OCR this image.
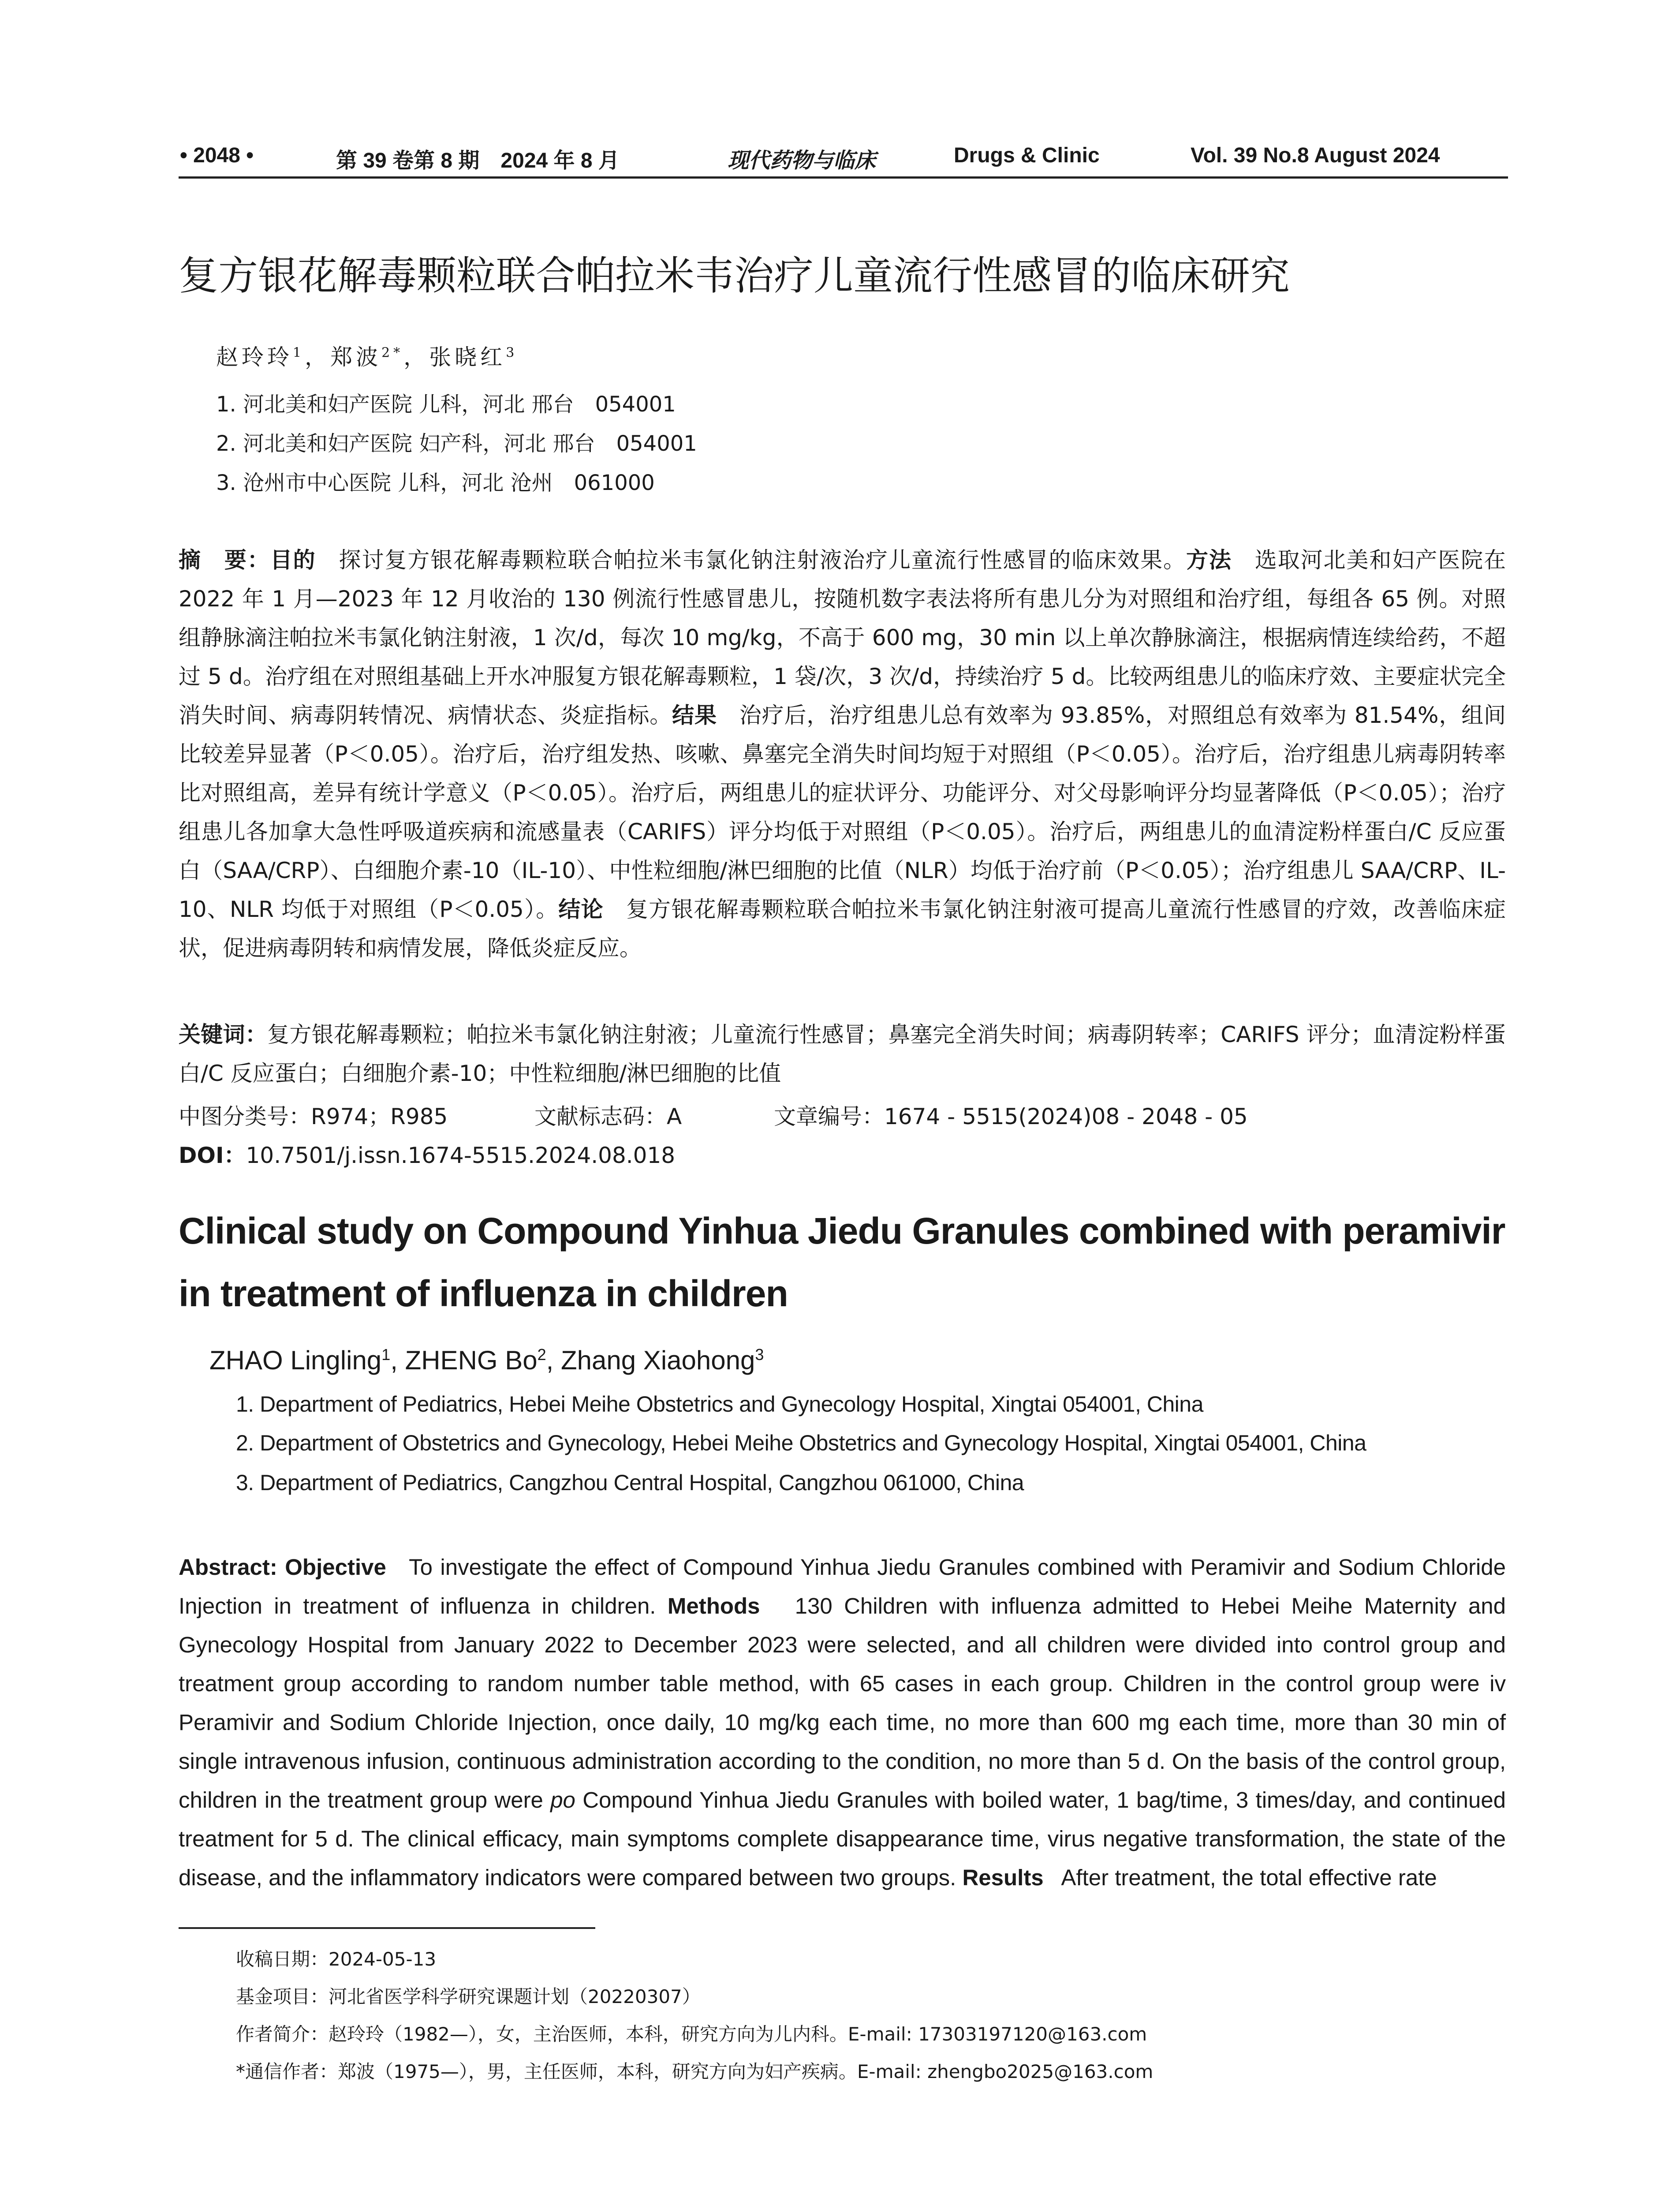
• 2048 •	第 39 卷第 8 期　2024 年 8 月	现代药物与临床	Drugs & Clinic	Vol. 39 No.8 August 2024
复方银花解毒颗粒联合帕拉米韦治疗儿童流行性感冒的临床研究
赵玲玲$^1$，郑波$^{2*}$，张晓红$^3$
1. 河北美和妇产医院 儿科，河北 邢台　054001
2. 河北美和妇产医院 妇产科，河北 邢台　054001
3. 沧州市中心医院 儿科，河北 沧州　061000
摘　要：目的　 探讨复方银花解毒颗粒联合帕拉米韦氯化钠注射液治疗儿童流行性感冒的临床效果。方法　 选取河北美和妇产医院在 2022 年 1 月—2023 年 12 月收治的 130 例流行性感冒患儿，按随机数字表法将所有患儿分为对照组和治疗组，每组各 65 例。对照组静脉滴注帕拉米韦氯化钠注射液，1 次/d，每次 10 mg/kg，不高于 600 mg，30 min 以上单次静脉滴注，根据病情连续给药，不超过 5 d。治疗组在对照组基础上开水冲服复方银花解毒颗粒，1 袋/次，3 次/d，持续治疗 5 d。比较两组患儿的临床疗效、主要症状完全消失时间、病毒阴转情况、病情状态、炎症指标。结果　 治疗后，治疗组患儿总有效率为 93.85%，对照组总有效率为 81.54%，组间比较差异显著（P＜0.05）。治疗后，治疗组发热、咳嗽、鼻塞完全消失时间均短于对照组（P＜0.05）。治疗后，治疗组患儿病毒阴转率比对照组高，差异有统计学意义（P＜0.05）。治疗后，两组患儿的症状评分、功能评分、对父母影响评分均显著降低（P＜0.05）；治疗组患儿各加拿大急性呼吸道疾病和流感量表（CARIFS）评分均低于对照组（P＜0.05）。治疗后，两组患儿的血清淀粉样蛋白/C 反应蛋白（SAA/CRP）、白细胞介素-10（IL-10）、中性粒细胞/淋巴细胞的比值（NLR）均低于治疗前（P＜0.05）；治疗组患儿 SAA/CRP、IL-10、NLR 均低于对照组（P＜0.05）。结论　 复方银花解毒颗粒联合帕拉米韦氯化钠注射液可提高儿童流行性感冒的疗效，改善临床症状，促进病毒阴转和病情发展，降低炎症反应。
关键词：复方银花解毒颗粒；帕拉米韦氯化钠注射液；儿童流行性感冒；鼻塞完全消失时间；病毒阴转率；CARIFS 评分；血清淀粉样蛋白/C 反应蛋白；白细胞介素-10；中性粒细胞/淋巴细胞的比值
中图分类号：R974；R985	文献标志码：A	文章编号：1674 - 5515(2024)08 - 2048 - 05
DOI：10.7501/j.issn.1674-5515.2024.08.018
Clinical study on Compound Yinhua Jiedu Granules combined with peramivir in treatment of influenza in children
ZHAO Lingling$^1$, ZHENG Bo$^2$, Zhang Xiaohong$^3$
1. Department of Pediatrics, Hebei Meihe Obstetrics and Gynecology Hospital, Xingtai 054001, China
2. Department of Obstetrics and Gynecology, Hebei Meihe Obstetrics and Gynecology Hospital, Xingtai 054001, China
3. Department of Pediatrics, Cangzhou Central Hospital, Cangzhou 061000, China
Abstract: Objective To investigate the effect of Compound Yinhua Jiedu Granules combined with Peramivir and Sodium Chloride Injection in treatment of influenza in children. Methods 130 Children with influenza admitted to Hebei Meihe Maternity and Gynecology Hospital from January 2022 to December 2023 were selected, and all children were divided into control group and treatment group according to random number table method, with 65 cases in each group. Children in the control group were iv Peramivir and Sodium Chloride Injection, once daily, 10 mg/kg each time, no more than 600 mg each time, more than 30 min of single intravenous infusion, continuous administration according to the condition, no more than 5 d. On the basis of the control group, children in the treatment group were po Compound Yinhua Jiedu Granules with boiled water, 1 bag/time, 3 times/day, and continued treatment for 5 d. The clinical efficacy, main symptoms complete disappearance time, virus negative transformation, the state of the disease, and the inflammatory indicators were compared between two groups. Results After treatment, the total effective rate
收稿日期：2024-05-13
基金项目：河北省医学科学研究课题计划（20220307）
作者简介：赵玲玲（1982—），女，主治医师，本科，研究方向为儿内科。E-mail: 17303197120@163.com
*通信作者：郑波（1975—），男，主任医师，本科，研究方向为妇产疾病。E-mail: zhengbo2025@163.com
